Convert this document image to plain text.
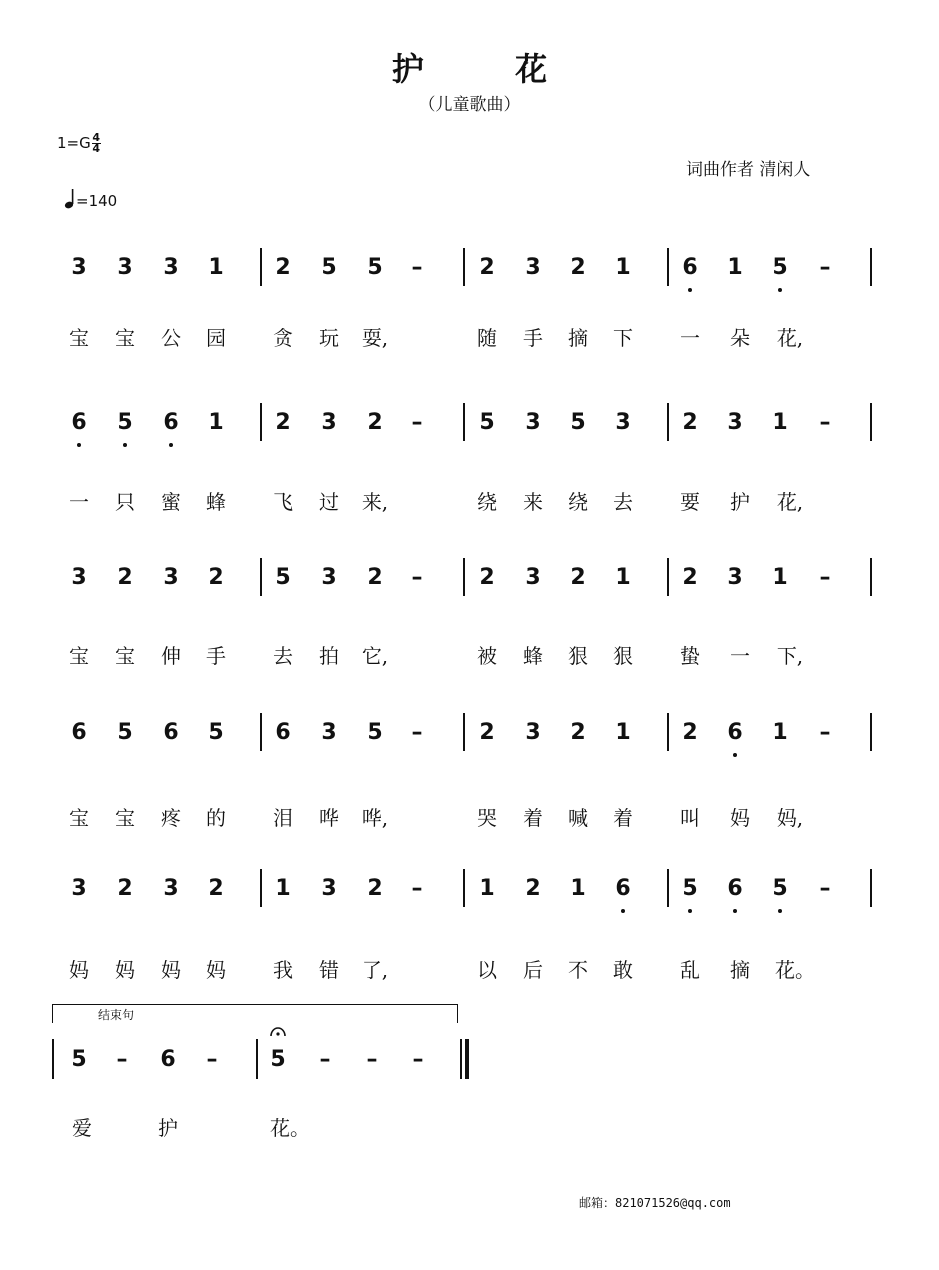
护 花
（儿童歌曲）
$1=G\frac{4}{4}$
=140
词曲作者 清闲人
3	3	3	1	2	5	5	–	2	3	2	1	6	1	5	–
宝 宝 公 园 贪 玩 耍,	随 手 摘 下 一 朵 花,
6	5	6	1	2	3	2	–	5	3	5	3	2	3	1	–
一 只 蜜 蜂 飞 过 来,	绕 来 绕 去 要 护 花,
3	2	3	2	5	3	2	–	2	3	2	1	2	3	1	–
宝 宝 伸 手 去 拍 它,	被 蜂 狠 狠 蛰 一 下,
6	5	6	5	6	3	5	–	2	3	2	1	2	6	1	–
宝 宝 疼 的 泪 哗 哗,	哭 着 喊 着 叫 妈 妈,
3	2	3	2	1	3	2	–	1	2	1	6	5	6	5	–
妈 妈 妈 妈 我 错 了,	以 后 不 敢 乱 摘 花。
结束句
5	–	6	–	5	–	–	–
爱	护	花。
邮箱：821071526@qq.com
